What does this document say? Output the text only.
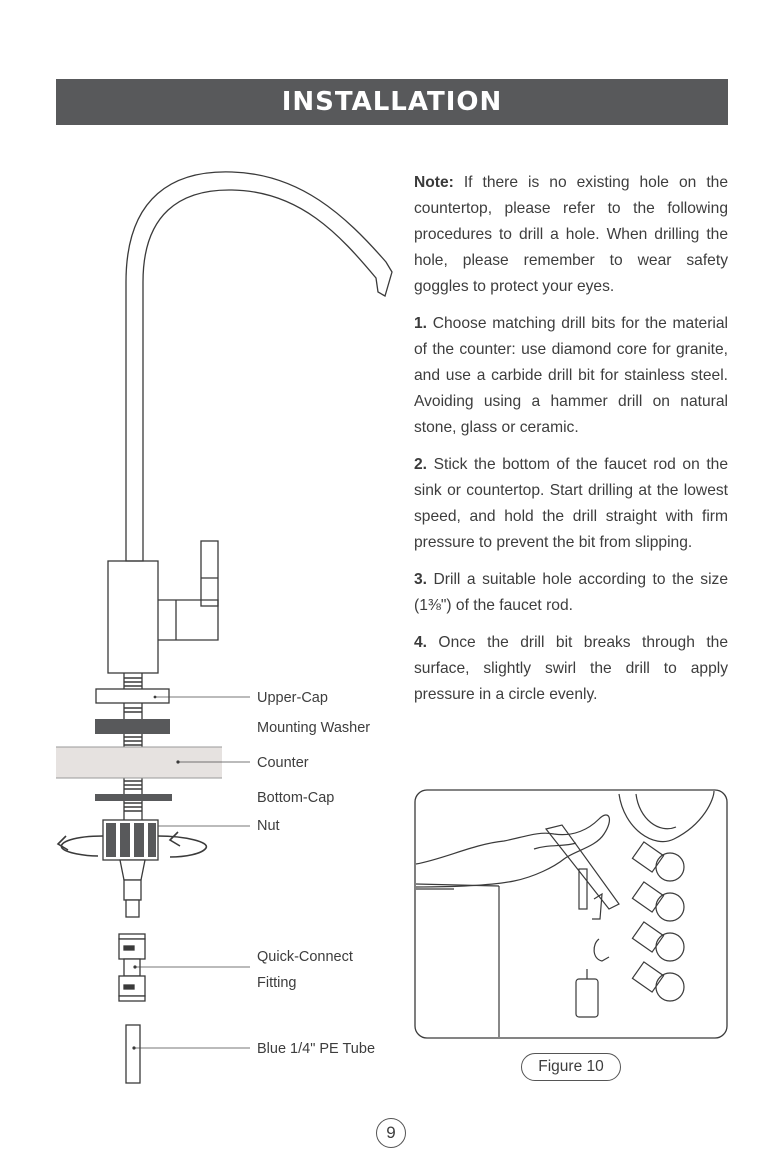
INSTALLATION
Upper-Cap
Mounting Washer
Counter
Bottom-Cap
Nut
Quick-Connect
Fitting
Blue 1/4" PE Tube

Note: If there is no existing hole on the countertop, please refer to the following procedures to drill a hole. When drilling the hole, please remember to wear safety goggles to protect your eyes.

1. Choose matching drill bits for the material of the counter: use diamond core for granite, and use a carbide drill bit for stainless steel. Avoiding using a hammer drill on natural stone, glass or ceramic.

2. Stick the bottom of the faucet rod on the sink or countertop. Start drilling at the lowest speed, and hold the drill straight with firm pressure to prevent the bit from slipping.

3. Drill a suitable hole according to the size (1⅜") of the faucet rod.

4. Once the drill bit breaks through the surface, slightly swirl the drill to apply pressure in a circle evenly.

Figure 10
9
